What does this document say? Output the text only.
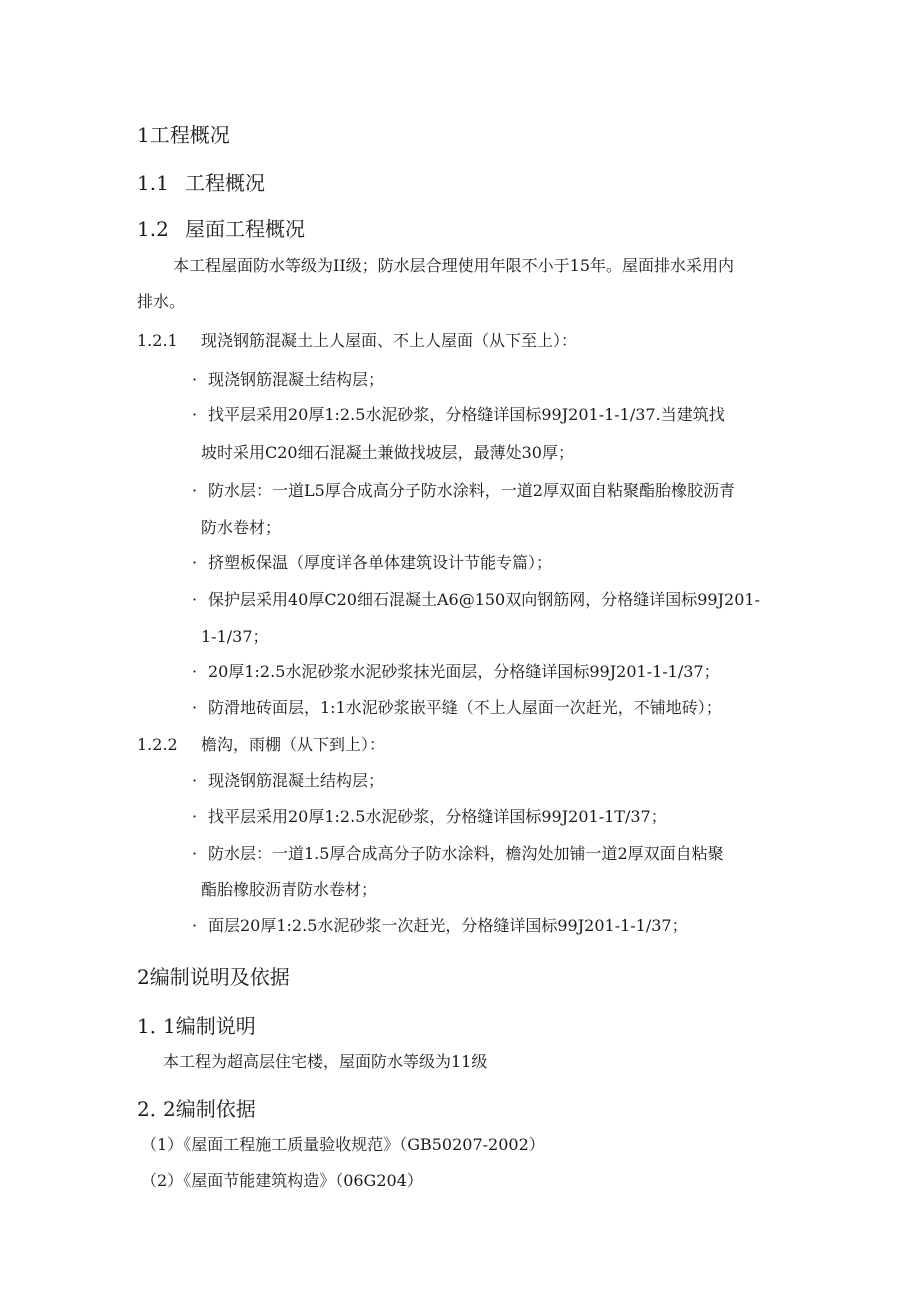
1工程概况
1.1 工程概况
1.2 屋面工程概况
本工程屋面防水等级为II级；防水层合理使用年限不小于15年。屋面排水采用内
排水。
1.2.1 现浇钢筋混凝土上人屋面、不上人屋面（从下至上）：
· 现浇钢筋混凝土结构层；
· 找平层采用20厚1:2.5水泥砂浆，分格缝详国标99J201-1-1/37.当建筑找
坡时采用C20细石混凝土兼做找坡层，最薄处30厚；
· 防水层：一道L5厚合成高分子防水涂料，一道2厚双面自粘聚酯胎橡胶沥青
防水卷材；
· 挤塑板保温（厚度详各单体建筑设计节能专篇）；
· 保护层采用40厚C20细石混凝土A6@150双向钢筋网，分格缝详国标99J201-
1-1/37；
· 20厚1:2.5水泥砂浆水泥砂浆抹光面层，分格缝详国标99J201-1-1/37；
· 防滑地砖面层，1:1水泥砂浆嵌平缝（不上人屋面一次赶光，不铺地砖）；
1.2.2 檐沟，雨棚（从下到上）：
· 现浇钢筋混凝土结构层；
· 找平层采用20厚1:2.5水泥砂浆，分格缝详国标99J201-1T/37；
· 防水层：一道1.5厚合成高分子防水涂料，檐沟处加铺一道2厚双面自粘聚
酯胎橡胶沥青防水卷材；
· 面层20厚1:2.5水泥砂浆一次赶光，分格缝详国标99J201-1-1/37；
2编制说明及依据
1．1编制说明
本工程为超高层住宅楼，屋面防水等级为11级
2．2编制依据
（1）《屋面工程施工质量验收规范》（GB50207-2002）
（2）《屋面节能建筑构造》（06G204）
